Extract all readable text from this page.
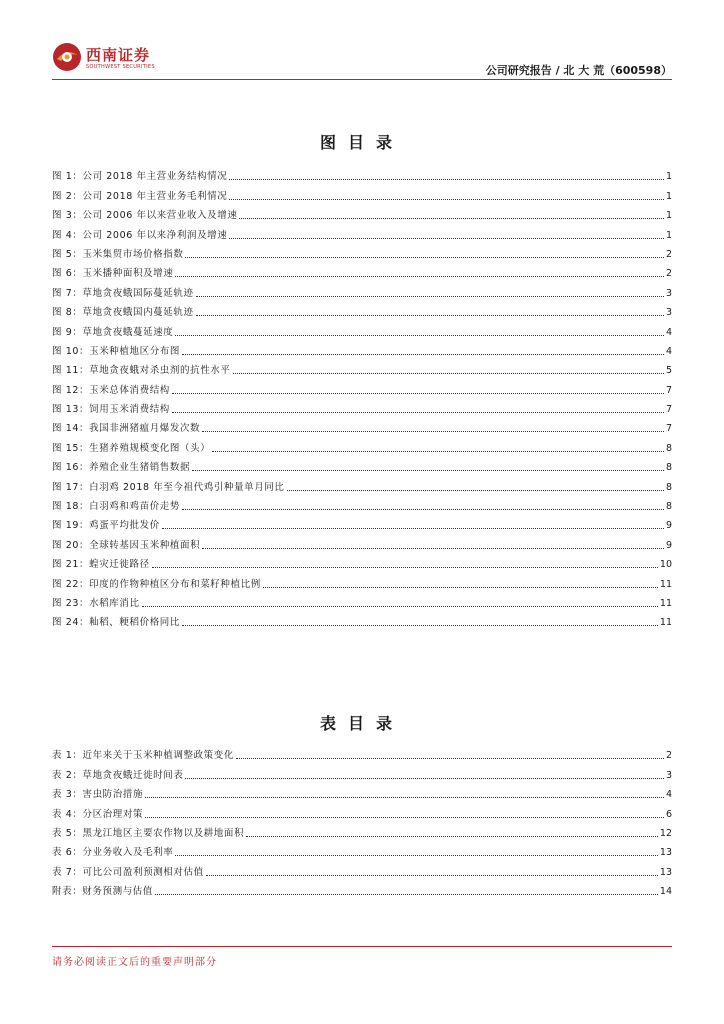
西南证券
SOUTHWEST SECURITIES	公司研究报告 / 北 大 荒（600598）
图目录
图 1：公司 2018 年主营业务结构情况	1
图 2：公司 2018 年主营业务毛利情况	1
图 3：公司 2006 年以来营业收入及增速	1
图 4：公司 2006 年以来净利润及增速	1
图 5：玉米集贸市场价格指数	2
图 6：玉米播种面积及增速	2
图 7：草地贪夜蛾国际蔓延轨迹	3
图 8：草地贪夜蛾国内蔓延轨迹	3
图 9：草地贪夜蛾蔓延速度	4
图 10：玉米种植地区分布图	4
图 11：草地贪夜蛾对杀虫剂的抗性水平	5
图 12：玉米总体消费结构	7
图 13：饲用玉米消费结构	7
图 14：我国非洲猪瘟月爆发次数	7
图 15：生猪养殖规模变化图（头）	8
图 16：养殖企业生猪销售数据	8
图 17：白羽鸡 2018 年至今祖代鸡引种量单月同比	8
图 18：白羽鸡和鸡苗价走势	8
图 19：鸡蛋平均批发价	9
图 20：全球转基因玉米种植面积	9
图 21：蝗灾迁徙路径	10
图 22：印度的作物种植区分布和菜籽种植比例	11
图 23：水稻库消比	11
图 24：籼稻、粳稻价格同比	11
表目录
表 1：近年来关于玉米种植调整政策变化	2
表 2：草地贪夜蛾迁徙时间表	3
表 3：害虫防治措施	4
表 4：分区治理对策	6
表 5：黑龙江地区主要农作物以及耕地面积	12
表 6：分业务收入及毛利率	13
表 7：可比公司盈利预测相对估值	13
附表：财务预测与估值	14
请务必阅读正文后的重要声明部分
